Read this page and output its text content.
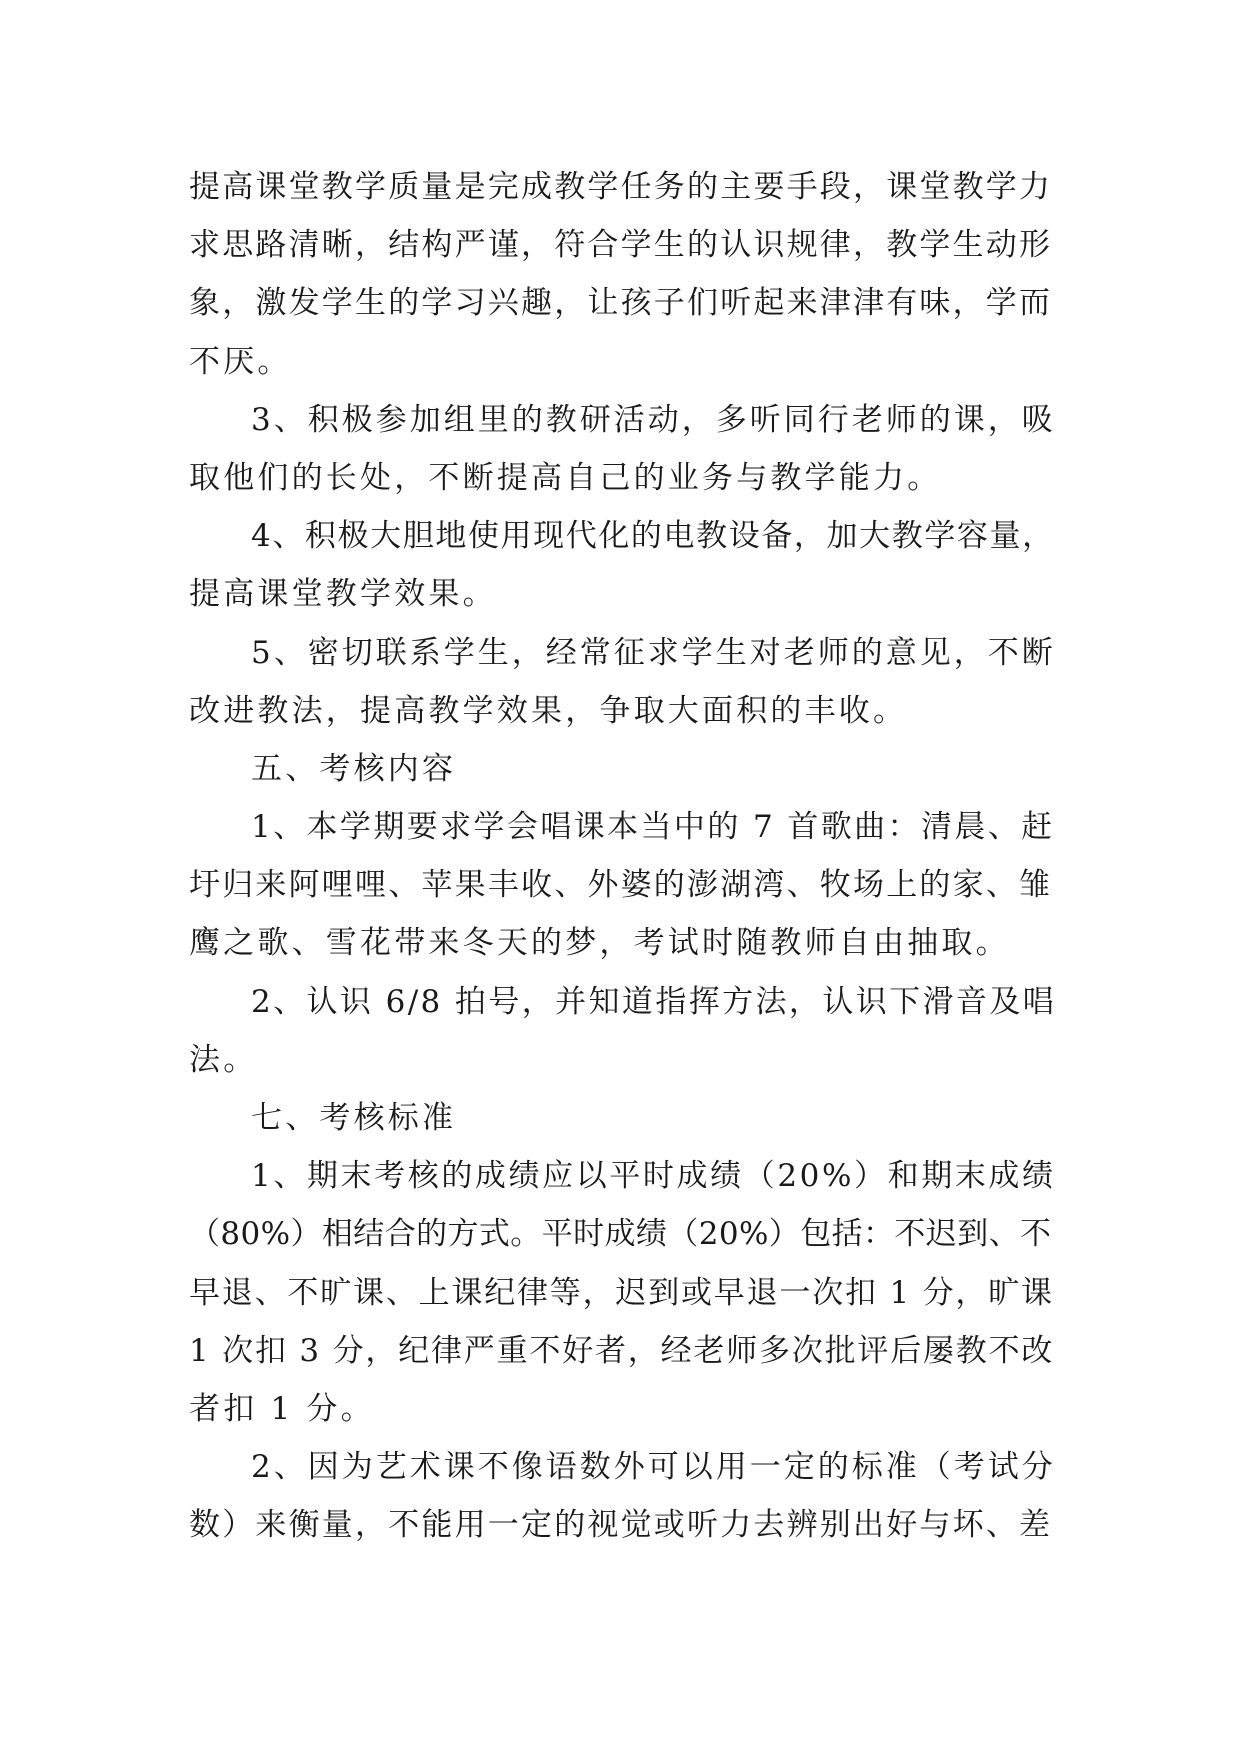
提高课堂教学质量是完成教学任务的主要手段，课堂教学力
求思路清晰，结构严谨，符合学生的认识规律，教学生动形
象，激发学生的学习兴趣，让孩子们听起来津津有味，学而
不厌。
3、积极参加组里的教研活动，多听同行老师的课，吸
取他们的长处，不断提高自己的业务与教学能力。
4、积极大胆地使用现代化的电教设备，加大教学容量，
提高课堂教学效果。
5、密切联系学生，经常征求学生对老师的意见，不断
改进教法，提高教学效果，争取大面积的丰收。
五、考核内容
1、本学期要求学会唱课本当中的 7 首歌曲：清晨、赶
圩归来阿哩哩、苹果丰收、外婆的澎湖湾、牧场上的家、雏
鹰之歌、雪花带来冬天的梦，考试时随教师自由抽取。
2、认识 6/8 拍号，并知道指挥方法，认识下滑音及唱
法。
七、考核标准
1、期末考核的成绩应以平时成绩（20%）和期末成绩
（80%）相结合的方式。平时成绩（20%）包括：不迟到、不
早退、不旷课、上课纪律等，迟到或早退一次扣 1 分，旷课
1 次扣 3 分，纪律严重不好者，经老师多次批评后屡教不改
者扣 1 分。
2、因为艺术课不像语数外可以用一定的标准（考试分
数）来衡量，不能用一定的视觉或听力去辨别出好与坏、差
